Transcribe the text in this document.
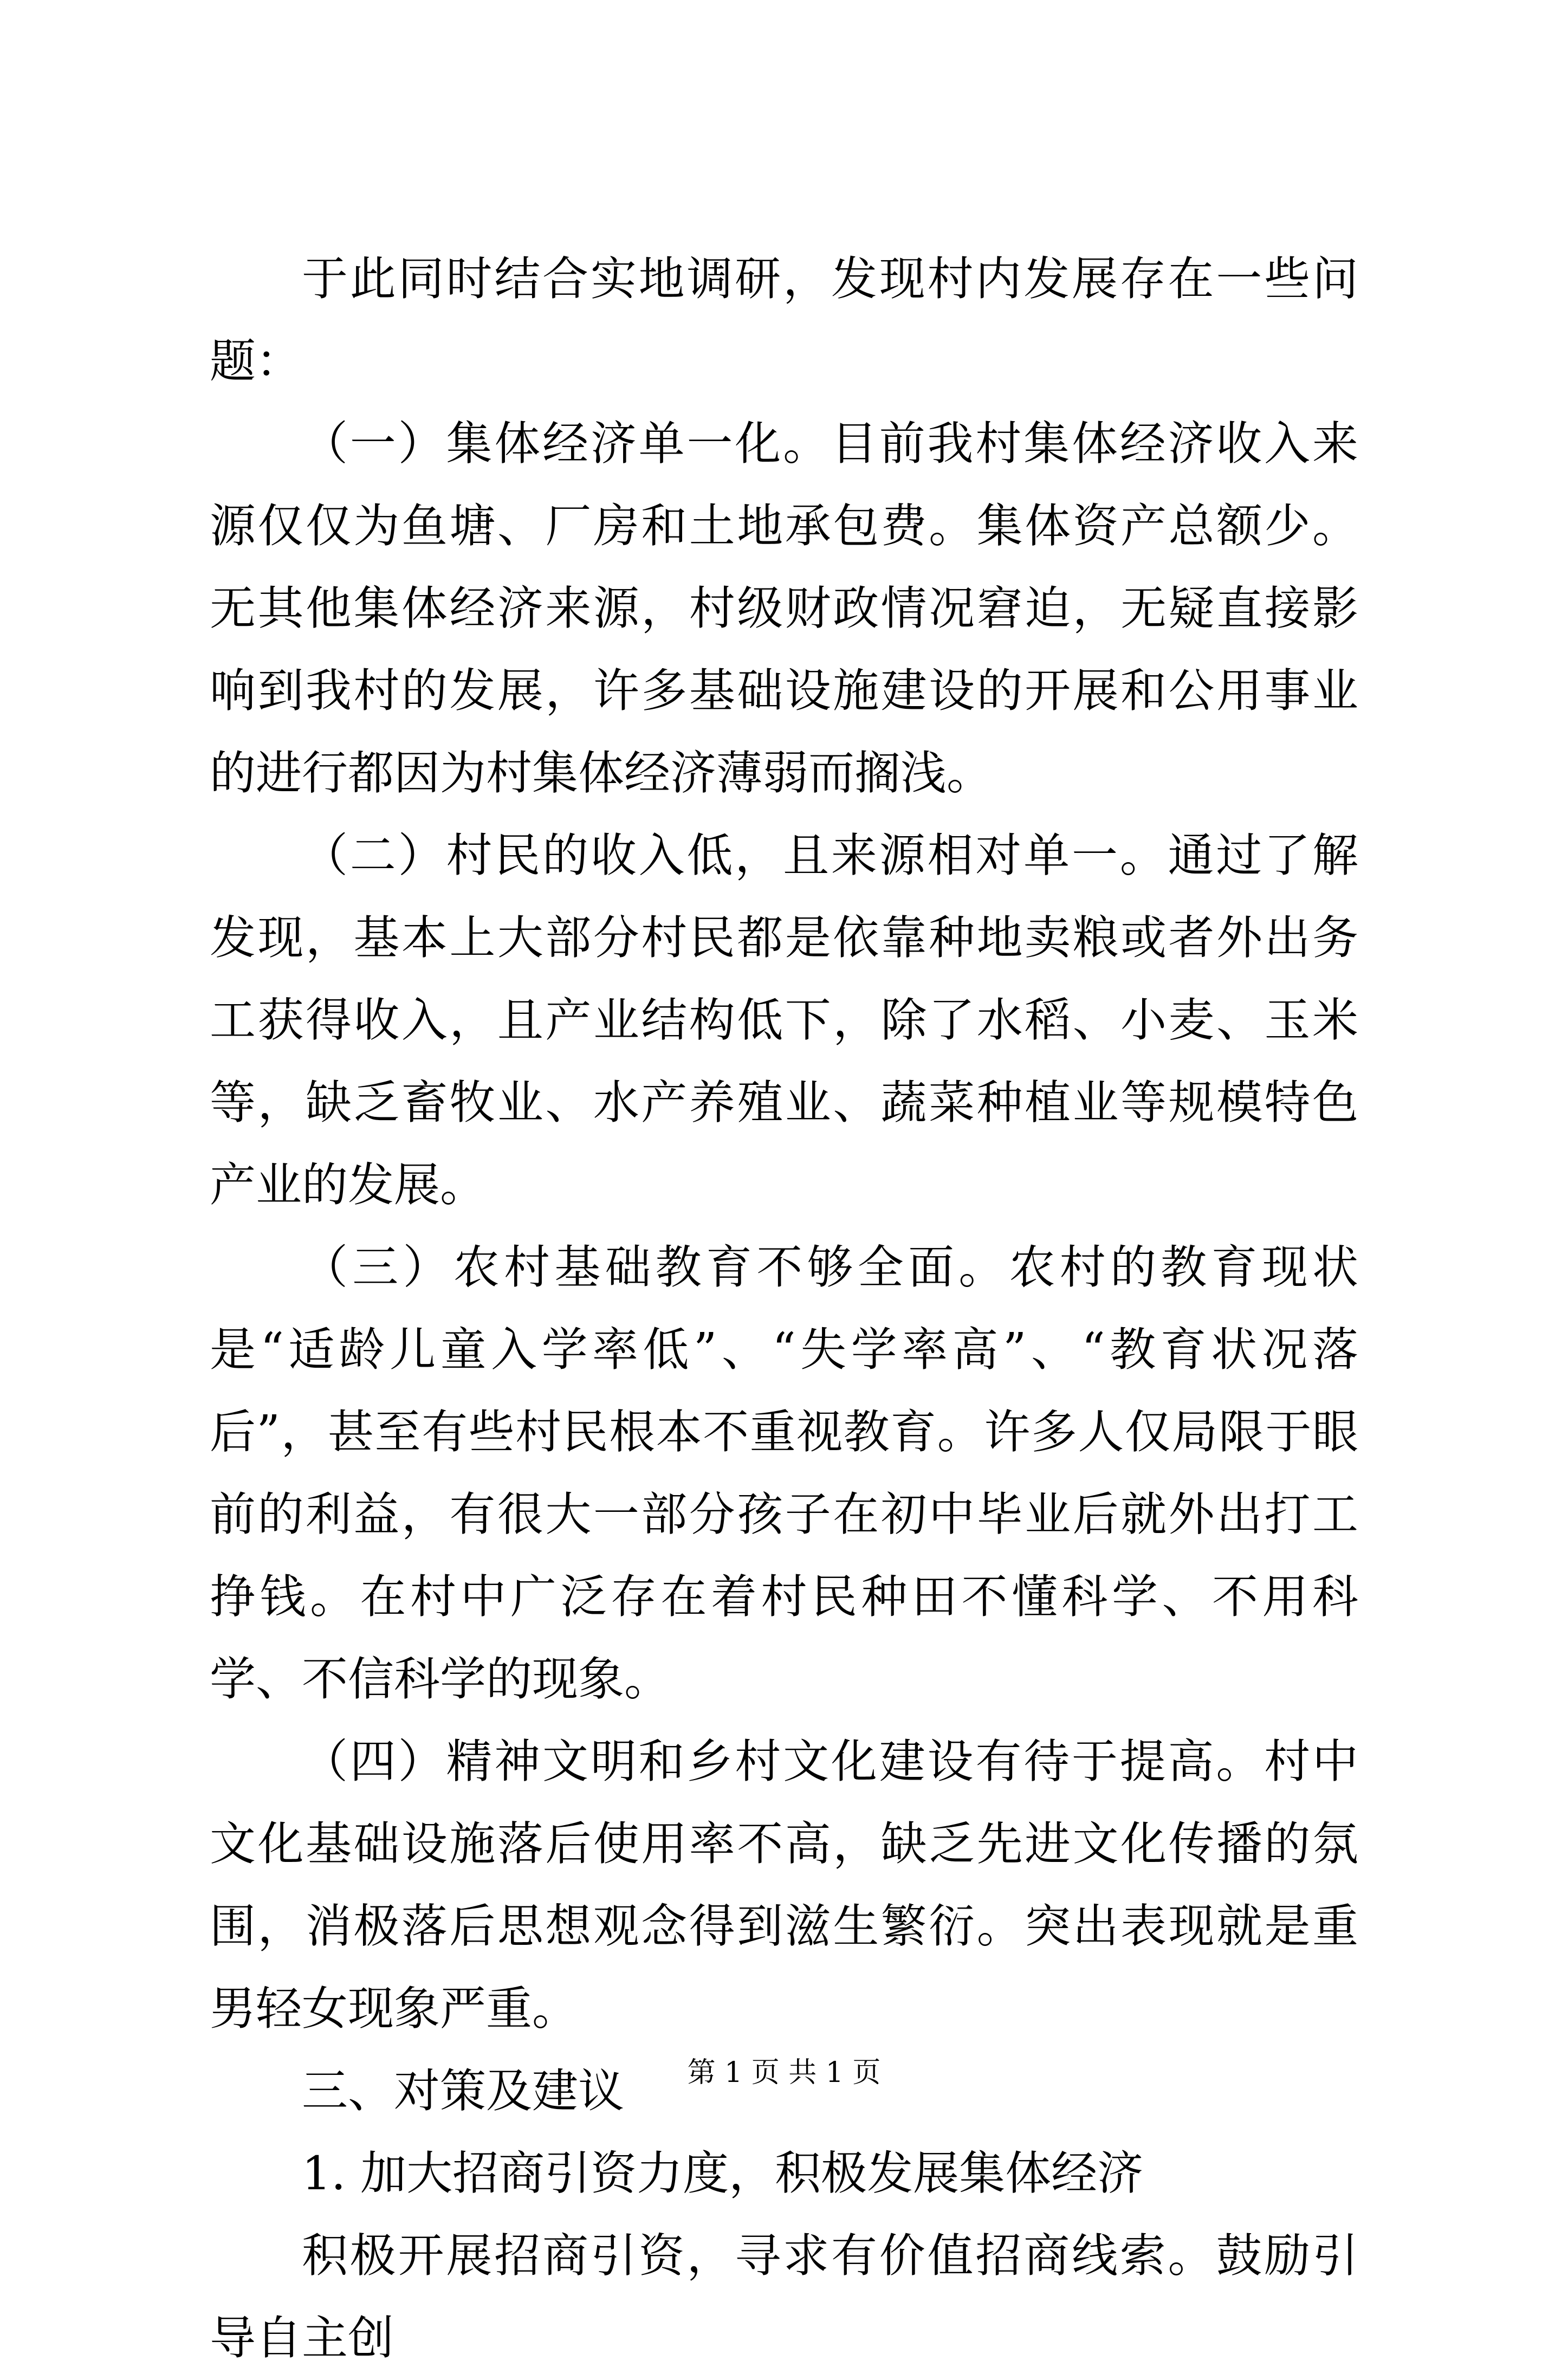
于此同时结合实地调研，发现村内发展存在一些问题：

（一）集体经济单一化。目前我村集体经济收入来源仅仅为鱼塘、厂房和土地承包费。集体资产总额少。无其他集体经济来源，村级财政情况窘迫，无疑直接影响到我村的发展，许多基础设施建设的开展和公用事业的进行都因为村集体经济薄弱而搁浅。

（二）村民的收入低，且来源相对单一。通过了解发现，基本上大部分村民都是依靠种地卖粮或者外出务工获得收入，且产业结构低下，除了水稻、小麦、玉米等，缺乏畜牧业、水产养殖业、蔬菜种植业等规模特色产业的发展。

（三）农村基础教育不够全面。农村的教育现状是“适龄儿童入学率低”、“失学率高”、“教育状况落后”，甚至有些村民根本不重视教育。许多人仅局限于眼前的利益，有很大一部分孩子在初中毕业后就外出打工挣钱。在村中广泛存在着村民种田不懂科学、不用科学、不信科学的现象。

（四）精神文明和乡村文化建设有待于提高。村中文化基础设施落后使用率不高，缺乏先进文化传播的氛围，消极落后思想观念得到滋生繁衍。突出表现就是重男轻女现象严重。

三、对策及建议

1. 加大招商引资力度，积极发展集体经济

积极开展招商引资，寻求有价值招商线索。鼓励引导自主创

第 1 页 共 1 页
